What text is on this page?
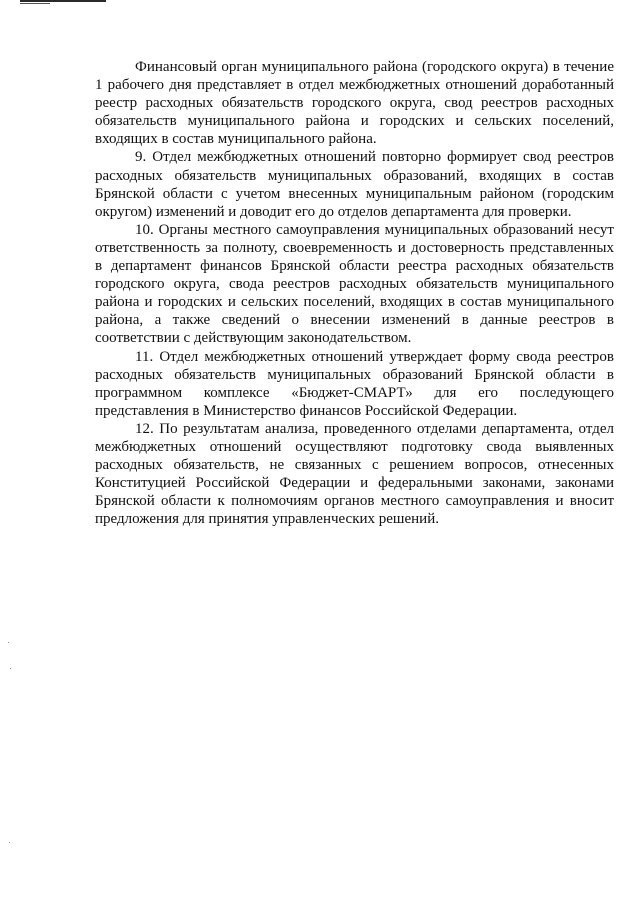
Финансовый орган муниципального района (городского округа) в течение 1 рабочего дня представляет в отдел межбюджетных отношений доработанный реестр расходных обязательств городского округа, свод реестров расходных обязательств муниципального района и городских и сельских поселений, входящих в состав муниципального района.

9. Отдел межбюджетных отношений повторно формирует свод реестров расходных обязательств муниципальных образований, входящих в состав Брянской области с учетом внесенных муниципальным районом (городским округом) изменений и доводит его до отделов департамента для проверки.

10. Органы местного самоуправления муниципальных образований несут ответственность за полноту, своевременность и достоверность представленных в департамент финансов Брянской области реестра расходных обязательств городского округа, свода реестров расходных обязательств муниципального района и городских и сельских поселений, входящих в состав муниципального района, а также сведений о внесении изменений в данные реестров в соответствии с действующим законодательством.

11. Отдел межбюджетных отношений утверждает форму свода реестров расходных обязательств муниципальных образований Брянской области в программном комплексе «Бюджет-СМАРТ» для его последующего представления в Министерство финансов Российской Федерации.

12. По результатам анализа, проведенного отделами департамента, отдел межбюджетных отношений осуществляют подготовку свода выявленных расходных обязательств, не связанных с решением вопросов, отнесенных Конституцией Российской Федерации и федеральными законами, законами Брянской области к полномочиям органов местного самоуправления и вносит предложения для принятия управленческих решений.
